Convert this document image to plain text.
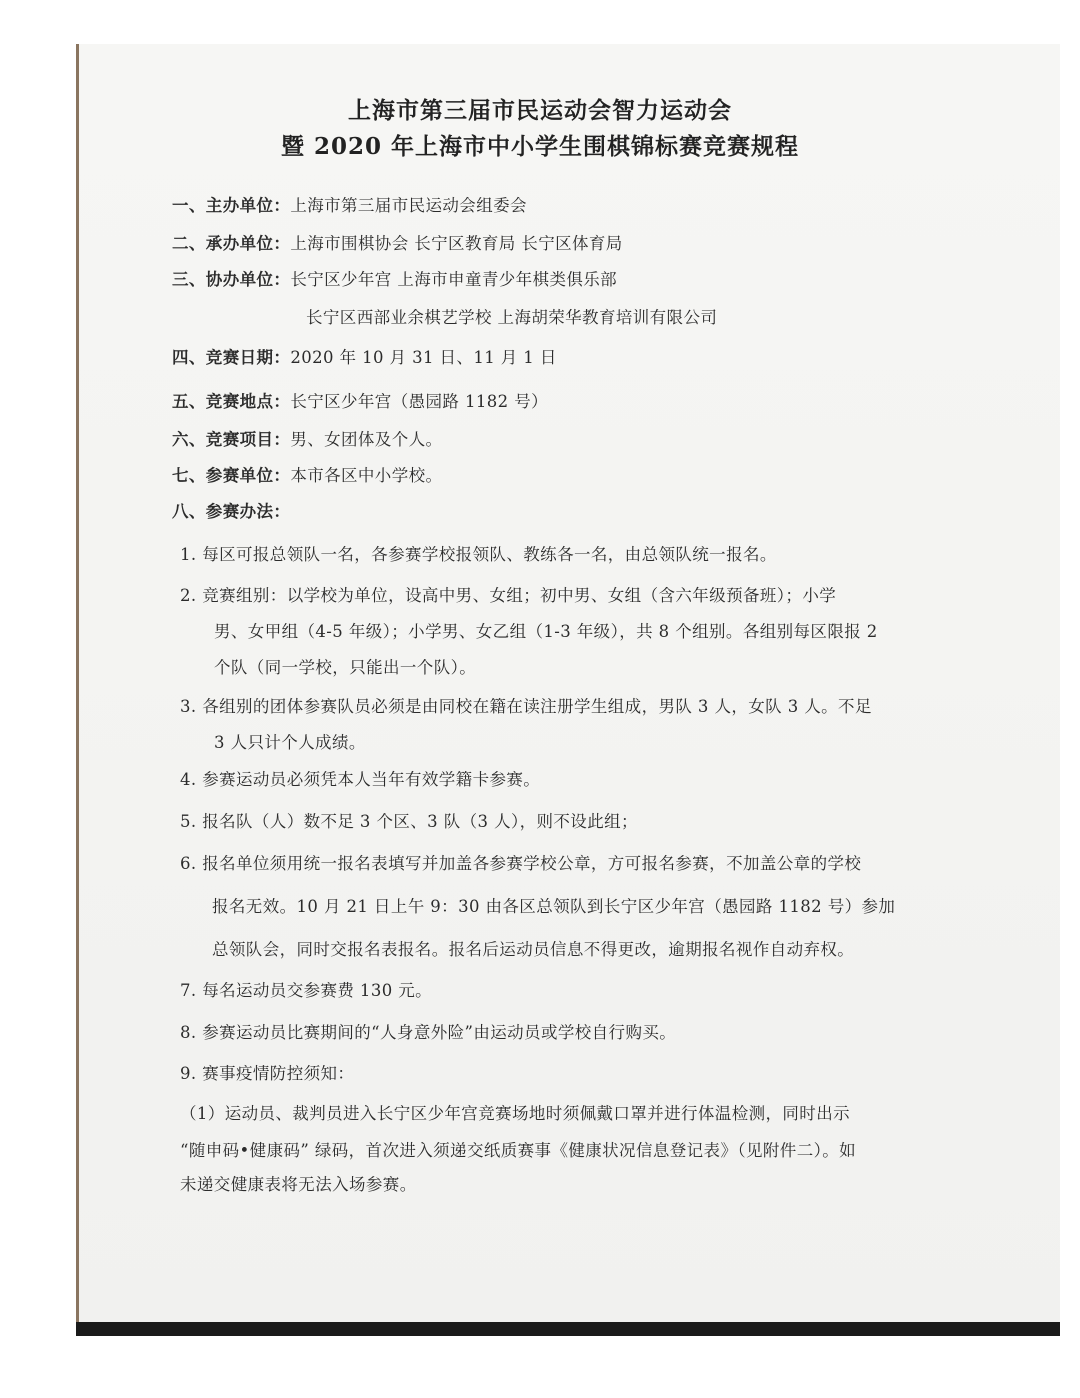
上海市第三届市民运动会智力运动会
暨 2020 年上海市中小学生围棋锦标赛竞赛规程
一、主办单位：上海市第三届市民运动会组委会
二、承办单位：上海市围棋协会 长宁区教育局 长宁区体育局
三、协办单位：长宁区少年宫 上海市申童青少年棋类俱乐部
长宁区西部业余棋艺学校 上海胡荣华教育培训有限公司
四、竞赛日期：2020 年 10 月 31 日、11 月 1 日
五、竞赛地点：长宁区少年宫（愚园路 1182 号）
六、竞赛项目：男、女团体及个人。
七、参赛单位：本市各区中小学校。
八、参赛办法：
1. 每区可报总领队一名，各参赛学校报领队、教练各一名，由总领队统一报名。
2. 竞赛组别：以学校为单位，设高中男、女组；初中男、女组（含六年级预备班）；小学
男、女甲组（4-5 年级）；小学男、女乙组（1-3 年级），共 8 个组别。各组别每区限报 2
个队（同一学校，只能出一个队）。
3. 各组别的团体参赛队员必须是由同校在籍在读注册学生组成，男队 3 人，女队 3 人。不足
3 人只计个人成绩。
4. 参赛运动员必须凭本人当年有效学籍卡参赛。
5. 报名队（人）数不足 3 个区、3 队（3 人），则不设此组；
6. 报名单位须用统一报名表填写并加盖各参赛学校公章，方可报名参赛，不加盖公章的学校
报名无效。10 月 21 日上午 9：30 由各区总领队到长宁区少年宫（愚园路 1182 号）参加
总领队会，同时交报名表报名。报名后运动员信息不得更改，逾期报名视作自动弃权。
7. 每名运动员交参赛费 130 元。
8. 参赛运动员比赛期间的“人身意外险”由运动员或学校自行购买。
9. 赛事疫情防控须知：
（1）运动员、裁判员进入长宁区少年宫竞赛场地时须佩戴口罩并进行体温检测，同时出示
“随申码•健康码” 绿码，首次进入须递交纸质赛事《健康状况信息登记表》（见附件二）。如
未递交健康表将无法入场参赛。
